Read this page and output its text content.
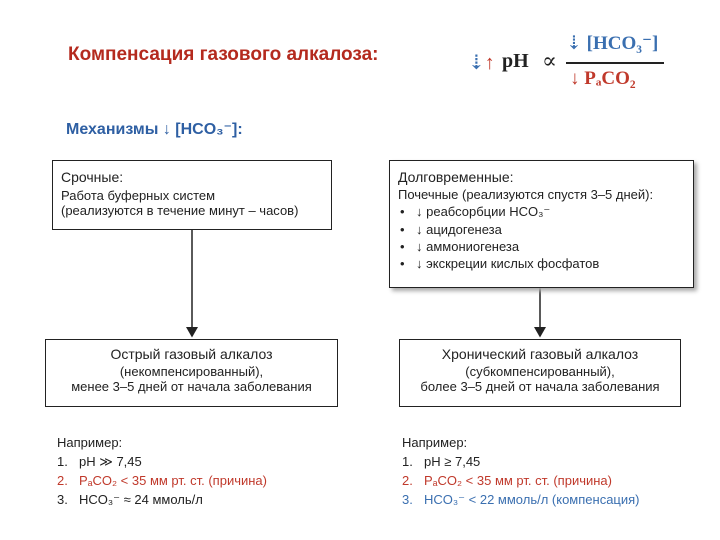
Компенсация газового алкалоза:	⇣↑ pH ∝
⇣ [HCO₃⁻]
↓ PₐCO₂
Механизмы ↓ [HCO₃⁻]:
Срочные:
Работа буферных систем
(реализуются в течение минут – часов)
Долговременные:
Почечные (реализуются спустя 3–5 дней):
• ↓ реабсорбции HCO₃⁻
• ↓ ацидогенеза
• ↓ аммониогенеза
• ↓ экскреции кислых фосфатов
Острый газовый алкалоз
(некомпенсированный),
менее 3–5 дней от начала заболевания
Хронический газовый алкалоз
(субкомпенсированный),
более 3–5 дней от начала заболевания
Например:
1. pH ≫ 7,45
2. PₐCO₂ < 35 мм рт. ст. (причина)
3. HCO₃⁻ ≈ 24 ммоль/л
Например:
1. pH ≥ 7,45
2. PₐCO₂ < 35 мм рт. ст. (причина)
3. HCO₃⁻ < 22 ммоль/л (компенсация)
